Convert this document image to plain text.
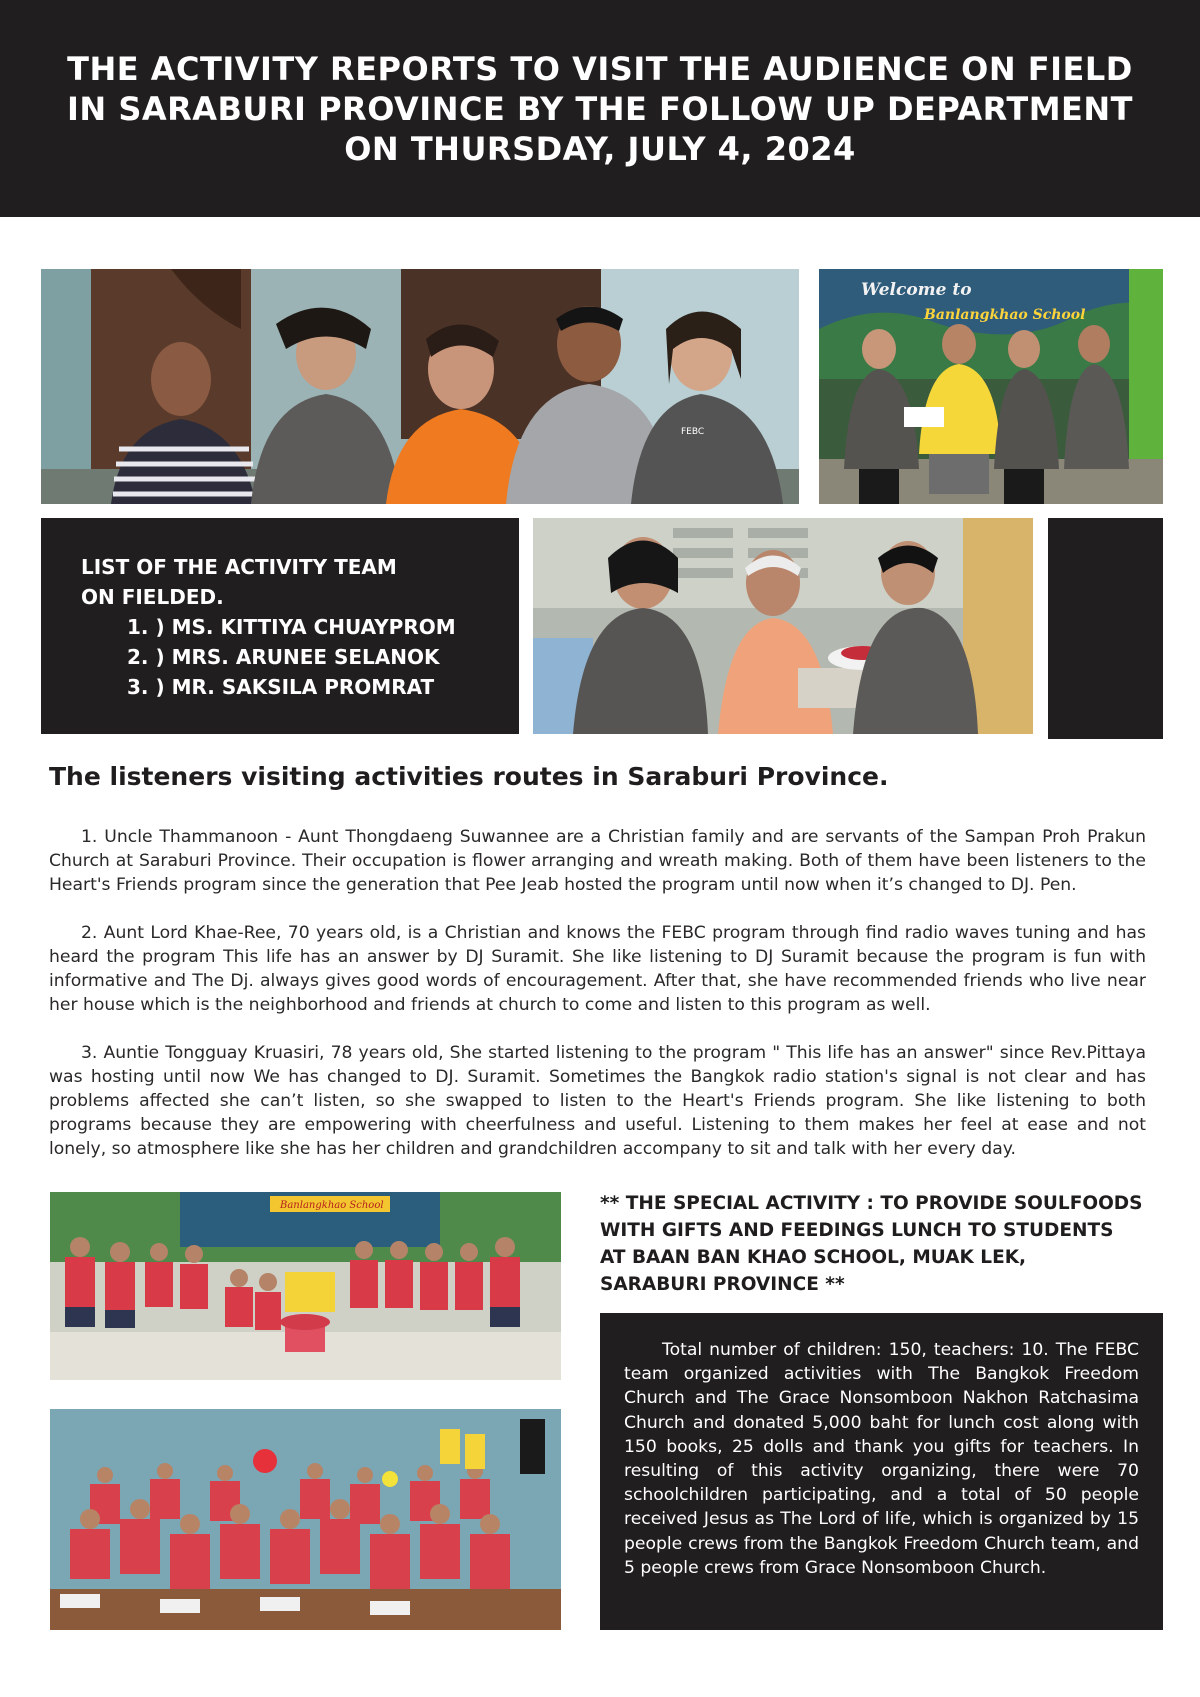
THE ACTIVITY REPORTS TO VISIT THE AUDIENCE ON FIELD
IN SARABURI PROVINCE BY THE FOLLOW UP DEPARTMENT
ON THURSDAY, JULY 4, 2024
FEBC
Welcome to
Banlangkhao School
LIST OF THE ACTIVITY TEAM
ON FIELDED.
1. ) MS. KITTIYA CHUAYPROM
2. ) MRS. ARUNEE SELANOK
3. ) MR. SAKSILA PROMRAT
The listeners visiting activities routes in Saraburi Province.
1. Uncle Thammanoon - Aunt Thongdaeng Suwannee are a Christian family and are servants of the Sampan Proh Prakun Church at Saraburi Province. Their occupation is flower arranging and wreath making. Both of them have been listeners to the Heart's Friends program since the generation that Pee Jeab hosted the program until now when it’s changed to DJ. Pen.
2. Aunt Lord Khae-Ree, 70 years old, is a Christian and knows the FEBC program through find radio waves tuning and has heard the program This life has an answer by DJ Suramit. She like listening to DJ Suramit because the program is fun with informative and The Dj. always gives good words of encouragement. After that, she have recommended friends who live near her house which is the neighborhood and friends at church to come and listen to this program as well.
3. Auntie Tongguay Kruasiri, 78 years old, She started listening to the program " This life has an answer" since Rev.Pittaya was hosting until now We has changed to DJ. Suramit. Sometimes the Bangkok radio station's signal is not clear and has problems affected she can’t listen, so she swapped to listen to the Heart's Friends program. She like listening to both programs because they are empowering with cheerfulness and useful. Listening to them makes her feel at ease and not lonely, so atmosphere like she has her children and grandchildren accompany to sit and talk with her every day.
Banlangkhao School	** THE SPECIAL ACTIVITY : TO PROVIDE SOULFOODS
WITH GIFTS AND FEEDINGS LUNCH TO STUDENTS
AT BAAN BAN KHAO SCHOOL, MUAK LEK,
SARABURI PROVINCE **
Total number of children: 150, teachers: 10. The FEBC team organized activities with The Bangkok Freedom Church and The Grace Nonsomboon Nakhon Ratchasima Church and donated 5,000 baht for lunch cost along with 150 books, 25 dolls and thank you gifts for teachers. In resulting of this activity organizing, there were 70 schoolchildren participating, and a total of 50 people received Jesus as The Lord of life, which is organized by 15 people crews from the Bangkok Freedom Church team, and 5 people crews from Grace Nonsomboon Church.
